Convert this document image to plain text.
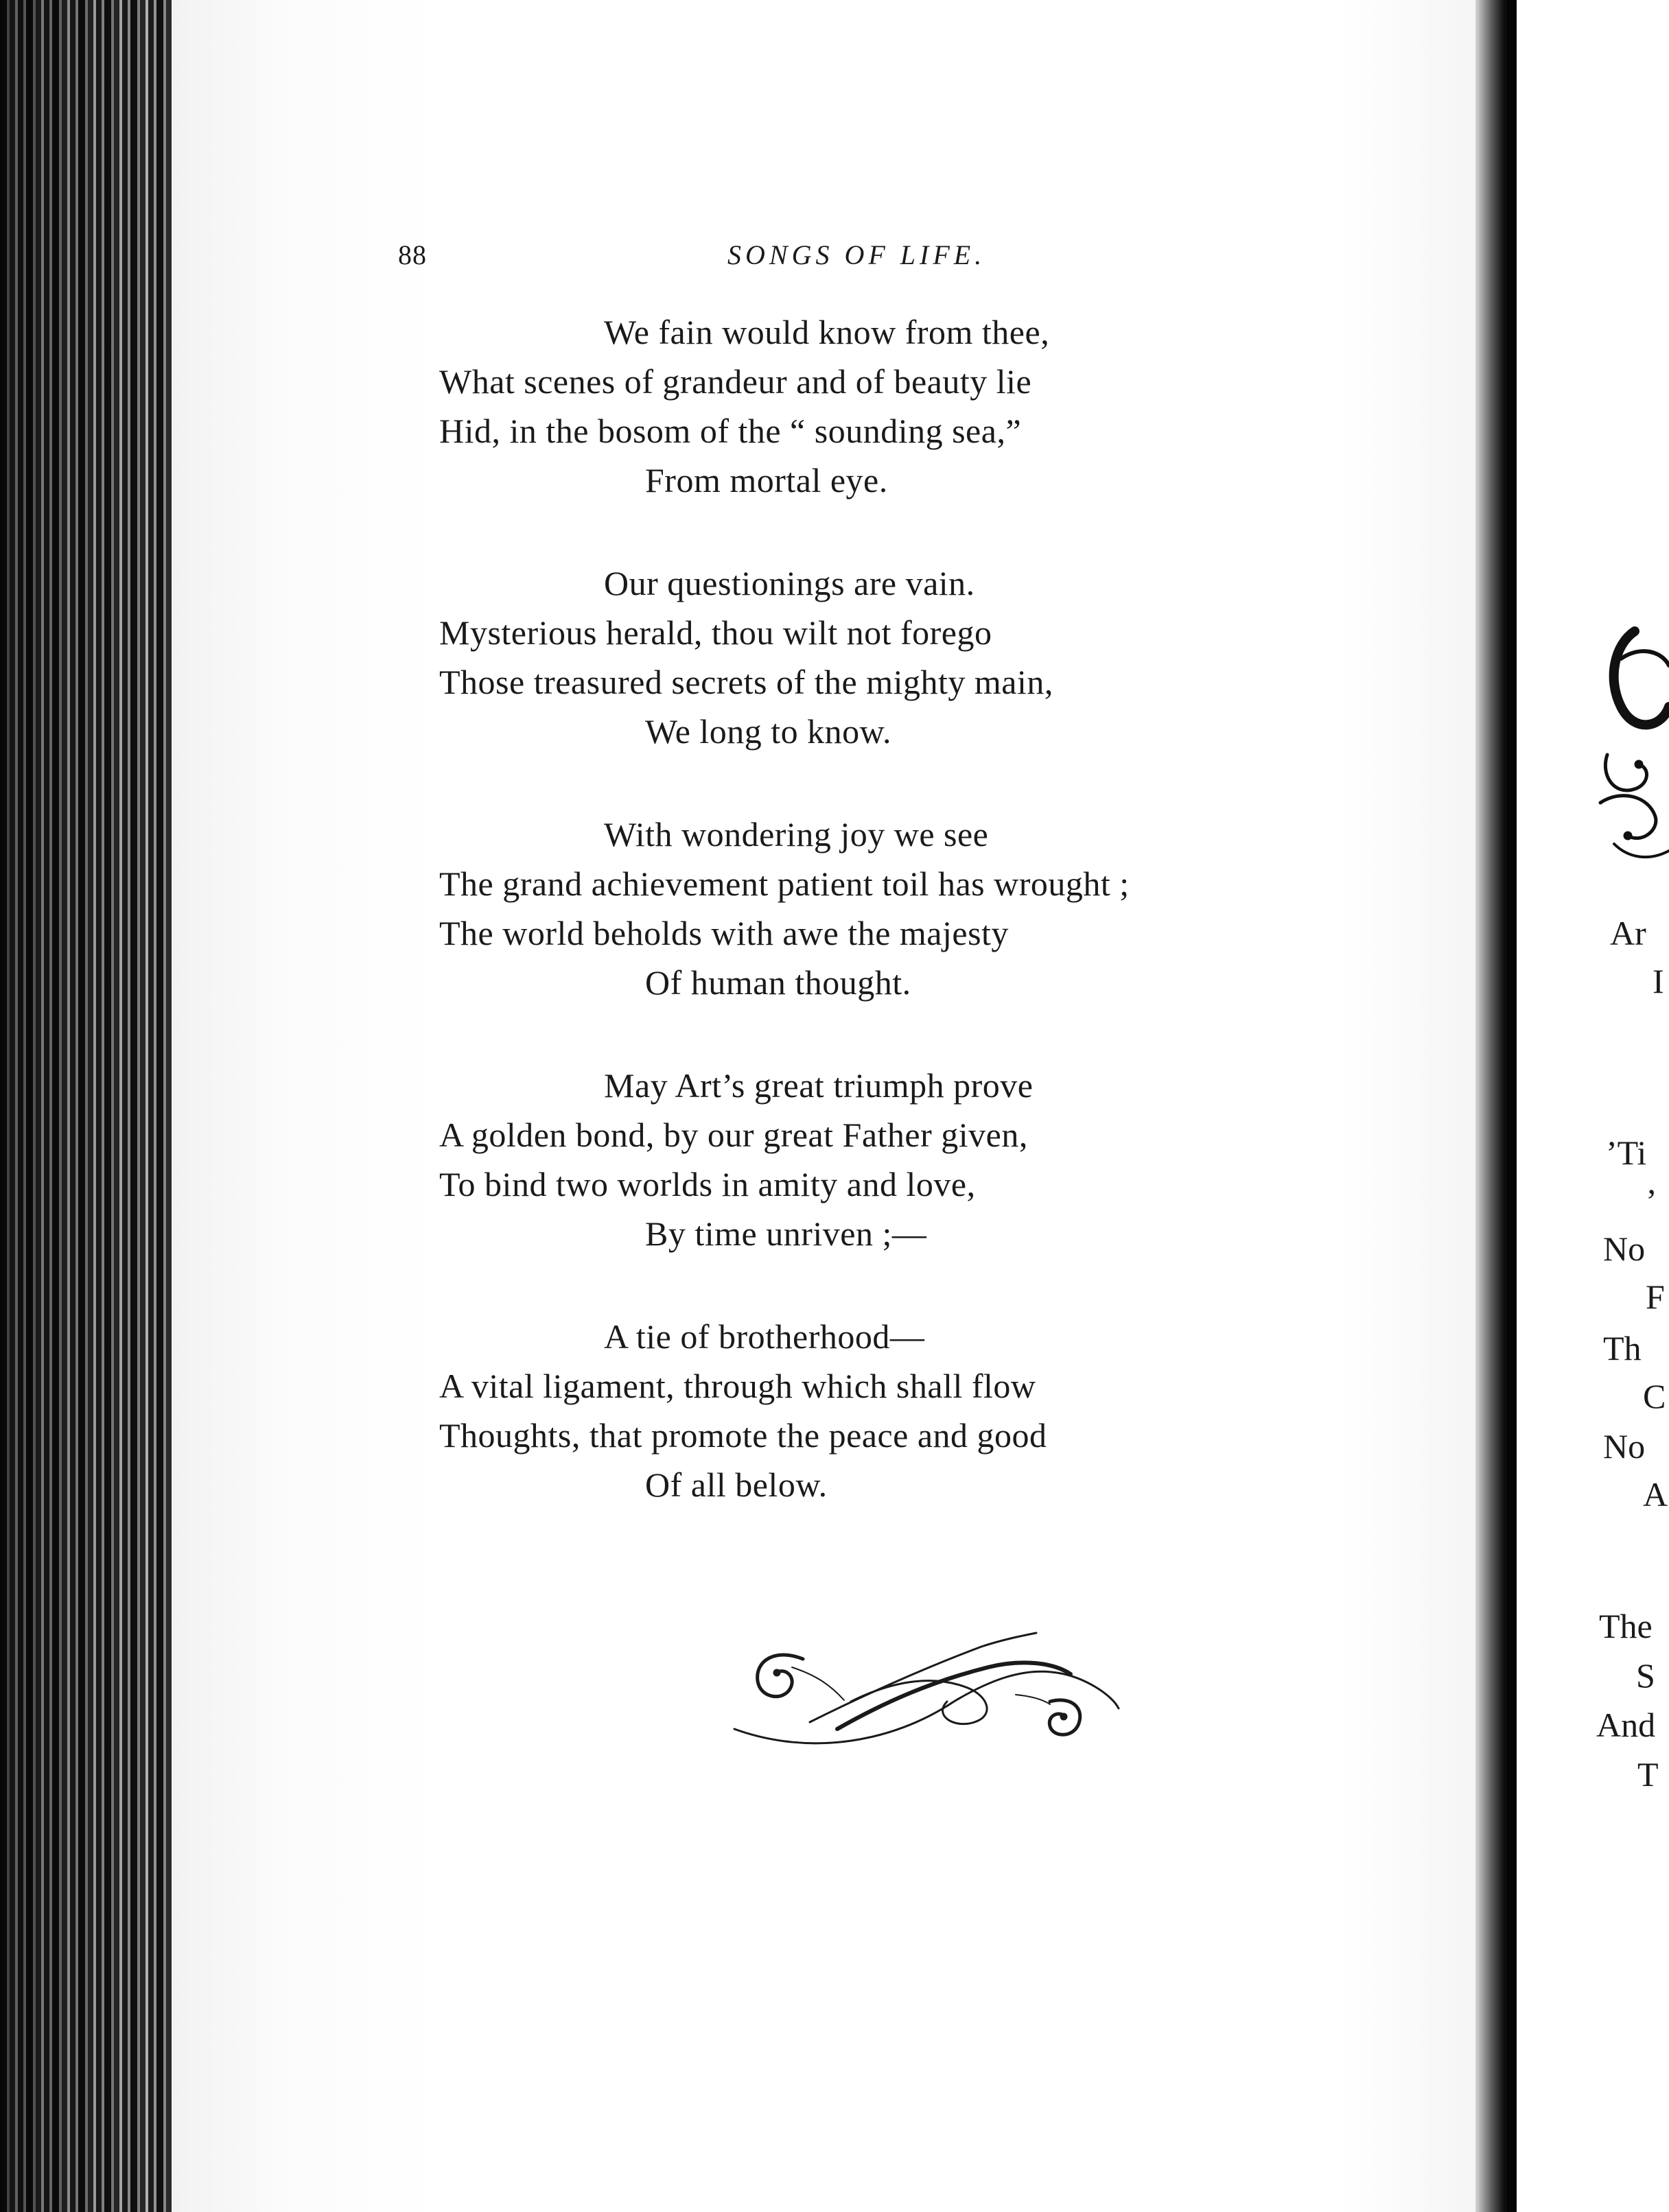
88	SONGS OF LIFE.
We fain would know from thee,
What scenes of grandeur and of beauty lie
Hid, in the bosom of the “ sounding sea,”
From mortal eye.
Our questionings are vain.
Mysterious herald, thou wilt not forego
Those treasured secrets of the mighty main,
We long to know.
With wondering joy we see
The grand achievement patient toil has wrought ;
The world beholds with awe the majesty
Of human thought.
May Art’s great triumph prove
A golden bond, by our great Father given,
To bind two worlds in amity and love,
By time unriven ;—
A tie of brotherhood—
A vital ligament, through which shall flow
Thoughts, that promote the peace and good
Of all below.
Ar
I
’Ti
’
No
F
Th
C
No
A
The
S
And
T
